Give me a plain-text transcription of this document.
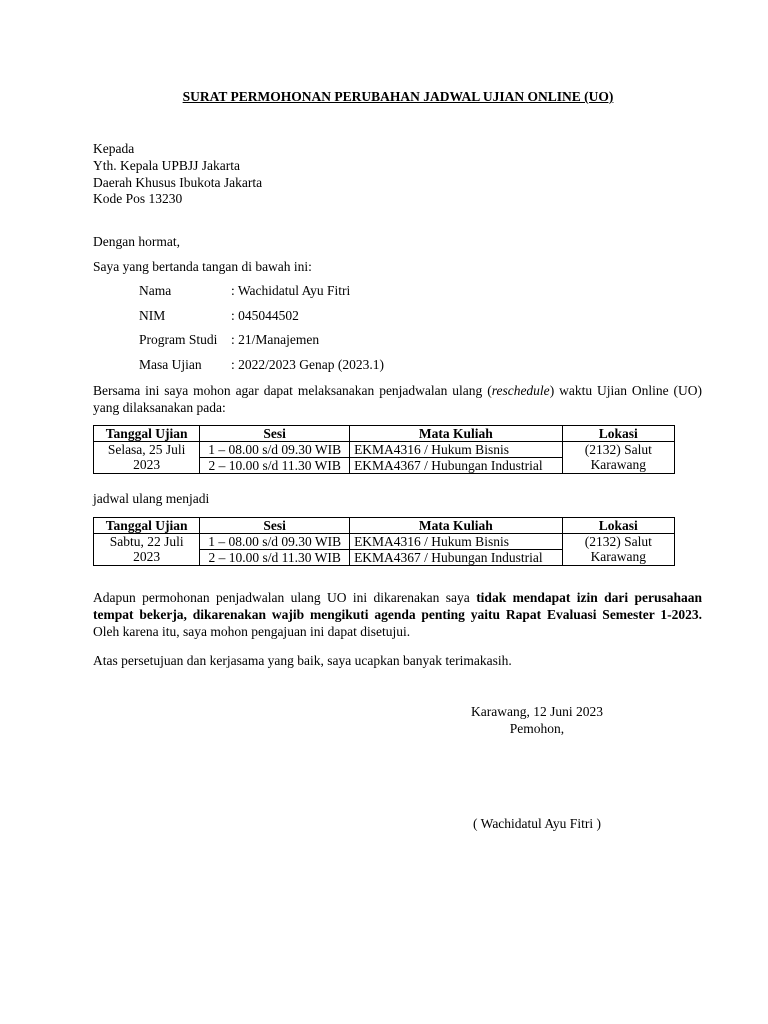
SURAT PERMOHONAN PERUBAHAN JADWAL UJIAN ONLINE (UO)
Kepada
Yth. Kepala UPBJJ Jakarta
Daerah Khusus Ibukota Jakarta
Kode Pos 13230
Dengan hormat,
Saya yang bertanda tangan di bawah ini:
Nama	: Wachidatul Ayu Fitri
NIM	: 045044502
Program Studi : 21/Manajemen
Masa Ujian : 2022/2023 Genap (2023.1)
Bersama ini saya mohon agar dapat melaksanakan penjadwalan ulang (reschedule) waktu Ujian Online (UO) yang dilaksanakan pada:
Tanggal Ujian	Sesi	Mata Kuliah	Lokasi
Selasa, 25 Juli 2023	1 – 08.00 s/d 09.30 WIB	EKMA4316 / Hukum Bisnis	(2132) Salut Karawang
	2 – 10.00 s/d 11.30 WIB	EKMA4367 / Hubungan Industrial	
jadwal ulang menjadi
Tanggal Ujian	Sesi	Mata Kuliah	Lokasi
Sabtu, 22 Juli 2023	1 – 08.00 s/d 09.30 WIB	EKMA4316 / Hukum Bisnis	(2132) Salut Karawang
	2 – 10.00 s/d 11.30 WIB	EKMA4367 / Hubungan Industrial	
Adapun permohonan penjadwalan ulang UO ini dikarenakan saya tidak mendapat izin dari perusahaan tempat bekerja, dikarenakan wajib mengikuti agenda penting yaitu Rapat Evaluasi Semester 1-2023. Oleh karena itu, saya mohon pengajuan ini dapat disetujui.
Atas persetujuan dan kerjasama yang baik, saya ucapkan banyak terimakasih.
Karawang, 12 Juni 2023
Pemohon,
( Wachidatul Ayu Fitri )
